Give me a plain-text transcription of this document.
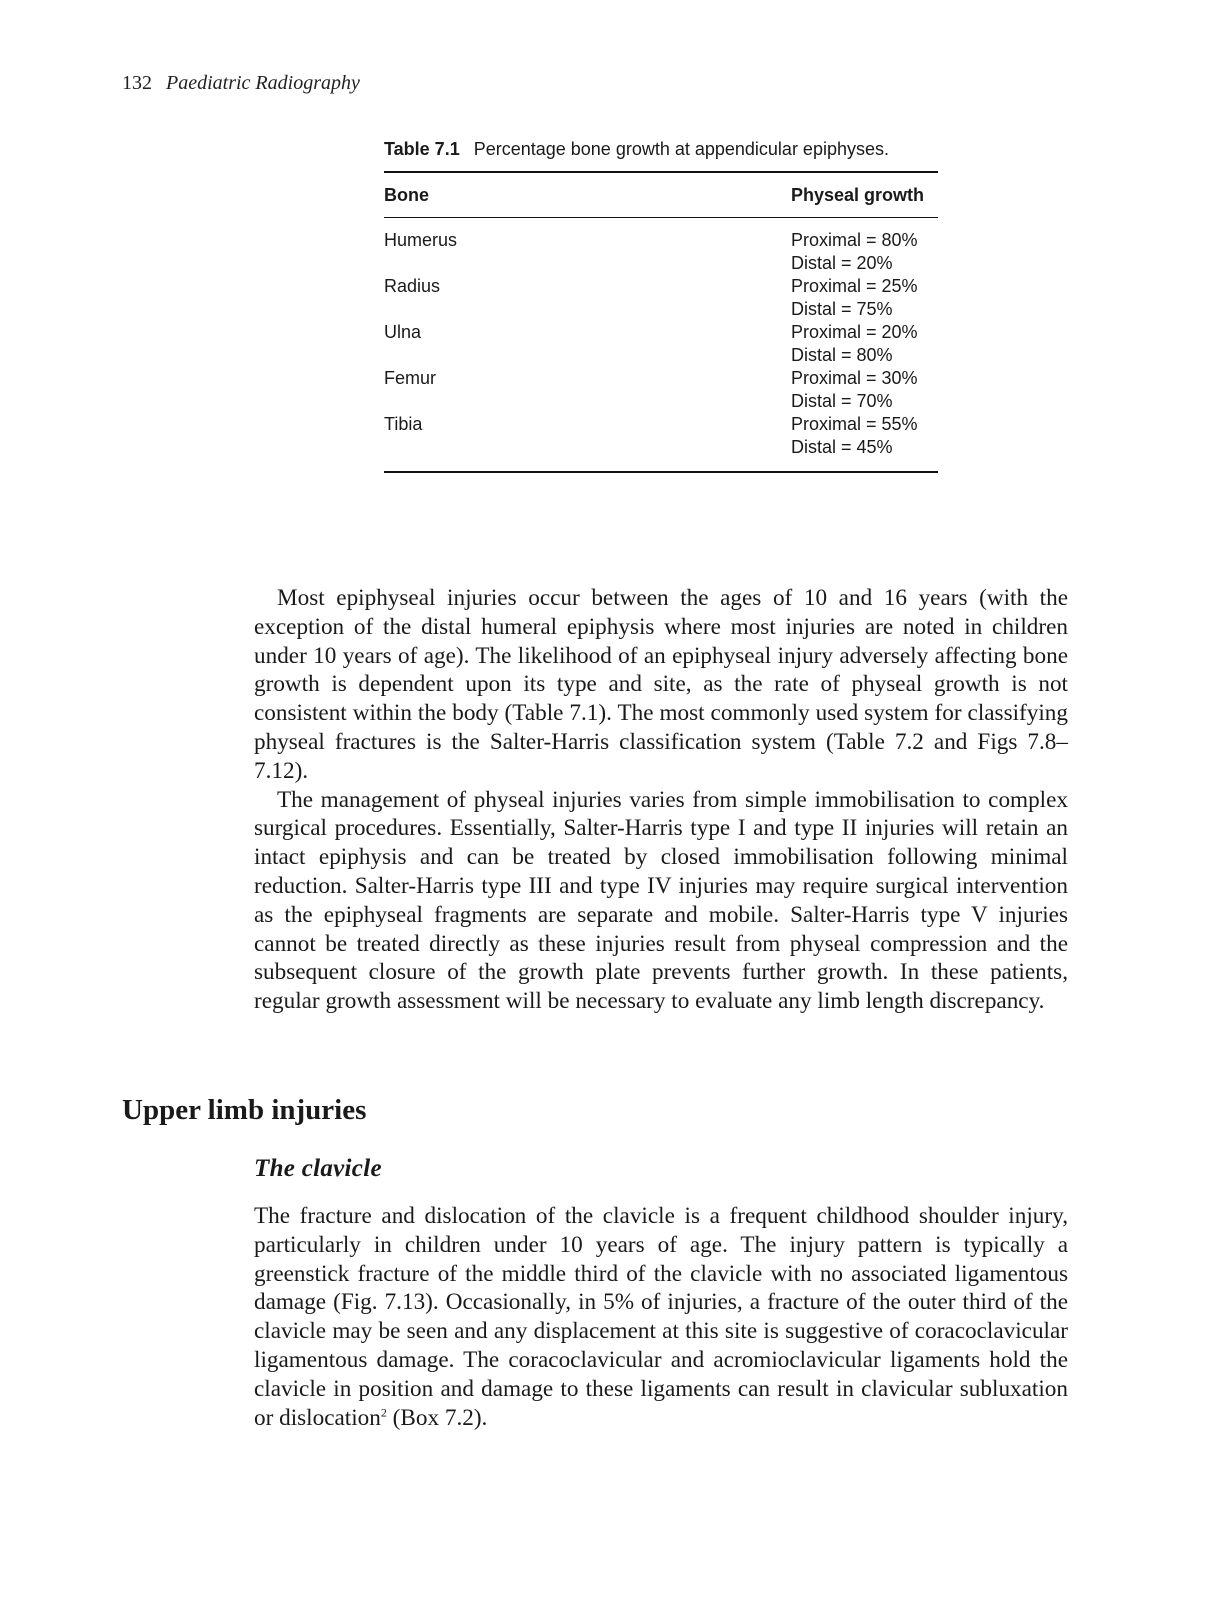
132 Paediatric Radiography
Table 7.1 Percentage bone growth at appendicular epiphyses.
Bone	Physeal growth
Humerus	Proximal = 80%
Distal = 20%
Radius	Proximal = 25%
Distal = 75%
Ulna	Proximal = 20%
Distal = 80%
Femur	Proximal = 30%
Distal = 70%
Tibia	Proximal = 55%
Distal = 45%

Most epiphyseal injuries occur between the ages of 10 and 16 years (with the exception of the distal humeral epiphysis where most injuries are noted in children under 10 years of age). The likelihood of an epiphyseal injury adversely affecting bone growth is dependent upon its type and site, as the rate of physeal growth is not consistent within the body (Table 7.1). The most commonly used system for classifying physeal fractures is the Salter-Harris classification system (Table 7.2 and Figs 7.8–7.12).

The management of physeal injuries varies from simple immobilisation to complex surgical procedures. Essentially, Salter-Harris type I and type II injuries will retain an intact epiphysis and can be treated by closed immobilisation following minimal reduction. Salter-Harris type III and type IV injuries may require surgical intervention as the epiphyseal fragments are separate and mobile. Salter-Harris type V injuries cannot be treated directly as these injuries result from physeal compression and the subsequent closure of the growth plate prevents further growth. In these patients, regular growth assessment will be necessary to evaluate any limb length discrepancy.

Upper limb injuries
The clavicle

The fracture and dislocation of the clavicle is a frequent childhood shoulder injury, particularly in children under 10 years of age. The injury pattern is typically a greenstick fracture of the middle third of the clavicle with no associated ligamentous damage (Fig. 7.13). Occasionally, in 5% of injuries, a fracture of the outer third of the clavicle may be seen and any displacement at this site is suggestive of coracoclavicular ligamentous damage. The coracoclavicular and acromioclavicular ligaments hold the clavicle in position and damage to these ligaments can result in clavicular subluxation or dislocation$^2$ (Box 7.2).
